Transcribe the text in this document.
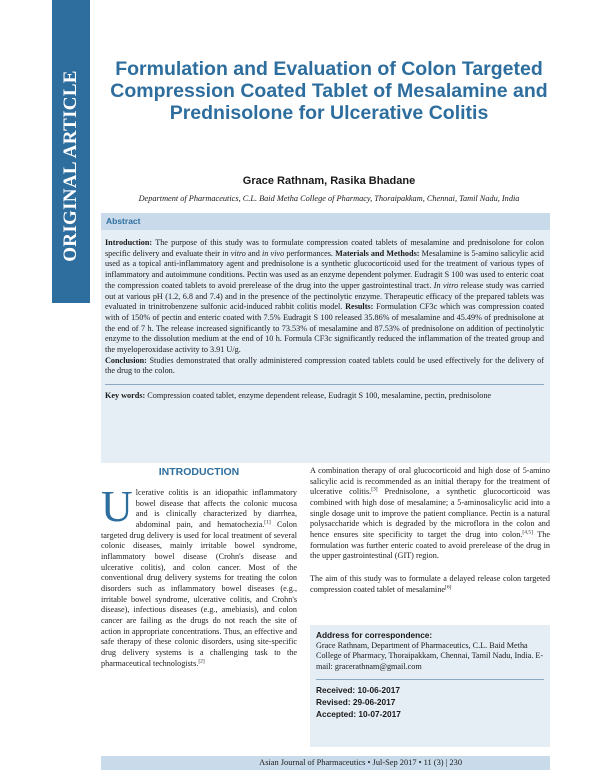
ORIGINAL ARTICLE
Formulation and Evaluation of Colon Targeted Compression Coated Tablet of Mesalamine and Prednisolone for Ulcerative Colitis
Grace Rathnam, Rasika Bhadane
Department of Pharmaceutics, C.L. Baid Metha College of Pharmacy, Thoraipakkam, Chennai, Tamil Nadu, India
Abstract
Introduction: The purpose of this study was to formulate compression coated tablets of mesalamine and prednisolone for colon specific delivery and evaluate their in vitro and in vivo performances. Materials and Methods: Mesalamine is 5-amino salicylic acid used as a topical anti-inflammatory agent and prednisolone is a synthetic glucocorticoid used for the treatment of various types of inflammatory and autoimmune conditions. Pectin was used as an enzyme dependent polymer. Eudragit S 100 was used to enteric coat the compression coated tablets to avoid prerelease of the drug into the upper gastrointestinal tract. In vitro release study was carried out at various pH (1.2, 6.8 and 7.4) and in the presence of the pectinolytic enzyme. Therapeutic efficacy of the prepared tablets was evaluated in trinitrobenzene sulfonic acid-induced rabbit colitis model. Results: Formulation CF3c which was compression coated with of 150% of pectin and enteric coated with 7.5% Eudragit S 100 released 35.86% of mesalamine and 45.49% of prednisolone at the end of 7 h. The release increased significantly to 73.53% of mesalamine and 87.53% of prednisolone on addition of pectinolytic enzyme to the dissolution medium at the end of 10 h. Formula CF3c significantly reduced the inflammation of the treated group and the myeloperoxidase activity to 3.91 U/g.
Conclusion: Studies demonstrated that orally administered compression coated tablets could be used effectively for the delivery of the drug to the colon.
Key words: Compression coated tablet, enzyme dependent release, Eudragit S 100, mesalamine, pectin, prednisolone
INTRODUCTION
Ulcerative colitis is an idiopathic inflammatory bowel disease that affects the colonic mucosa and is clinically characterized by diarrhea, abdominal pain, and hematochezia.[1] Colon targeted drug delivery is used for local treatment of several colonic diseases, mainly irritable bowel syndrome, inflammatory bowel disease (Crohn's disease and ulcerative colitis), and colon cancer. Most of the conventional drug delivery systems for treating the colon disorders such as inflammatory bowel diseases (e.g., irritable bowel syndrome, ulcerative colitis, and Crohn's disease), infectious diseases (e.g., amebiasis), and colon cancer are failing as the drugs do not reach the site of action in appropriate concentrations. Thus, an effective and safe therapy of these colonic disorders, using site-specific drug delivery systems is a challenging task to the pharmaceutical technologists.[2]

A combination therapy of oral glucocorticoid and high dose of 5-amino salicylic acid is recommended as an initial therapy for the treatment of ulcerative colitis.[3] Prednisolone, a synthetic glucocorticoid was combined with high dose of mesalamine; a 5-aminosalicylic acid into a single dosage unit to improve the patient compliance. Pectin is a natural polysaccharide which is degraded by the microflora in the colon and hence ensures site specificity to target the drug into colon.[4,5] The formulation was further enteric coated to avoid prerelease of the drug in the upper gastrointestinal (GIT) region.

The aim of this study was to formulate a delayed release colon targeted compression coated tablet of mesalamine[6]

Address for correspondence:
Grace Rathnam, Department of Pharmaceutics, C.L. Baid Metha College of Pharmacy, Thoraipakkam, Chennai, Tamil Nadu, India. E-mail: gracerathnam@gmail.com
Received: 10-06-2017
Revised: 29-06-2017
Accepted: 10-07-2017
Asian Journal of Pharmaceutics • Jul-Sep 2017 • 11 (3) | 230
